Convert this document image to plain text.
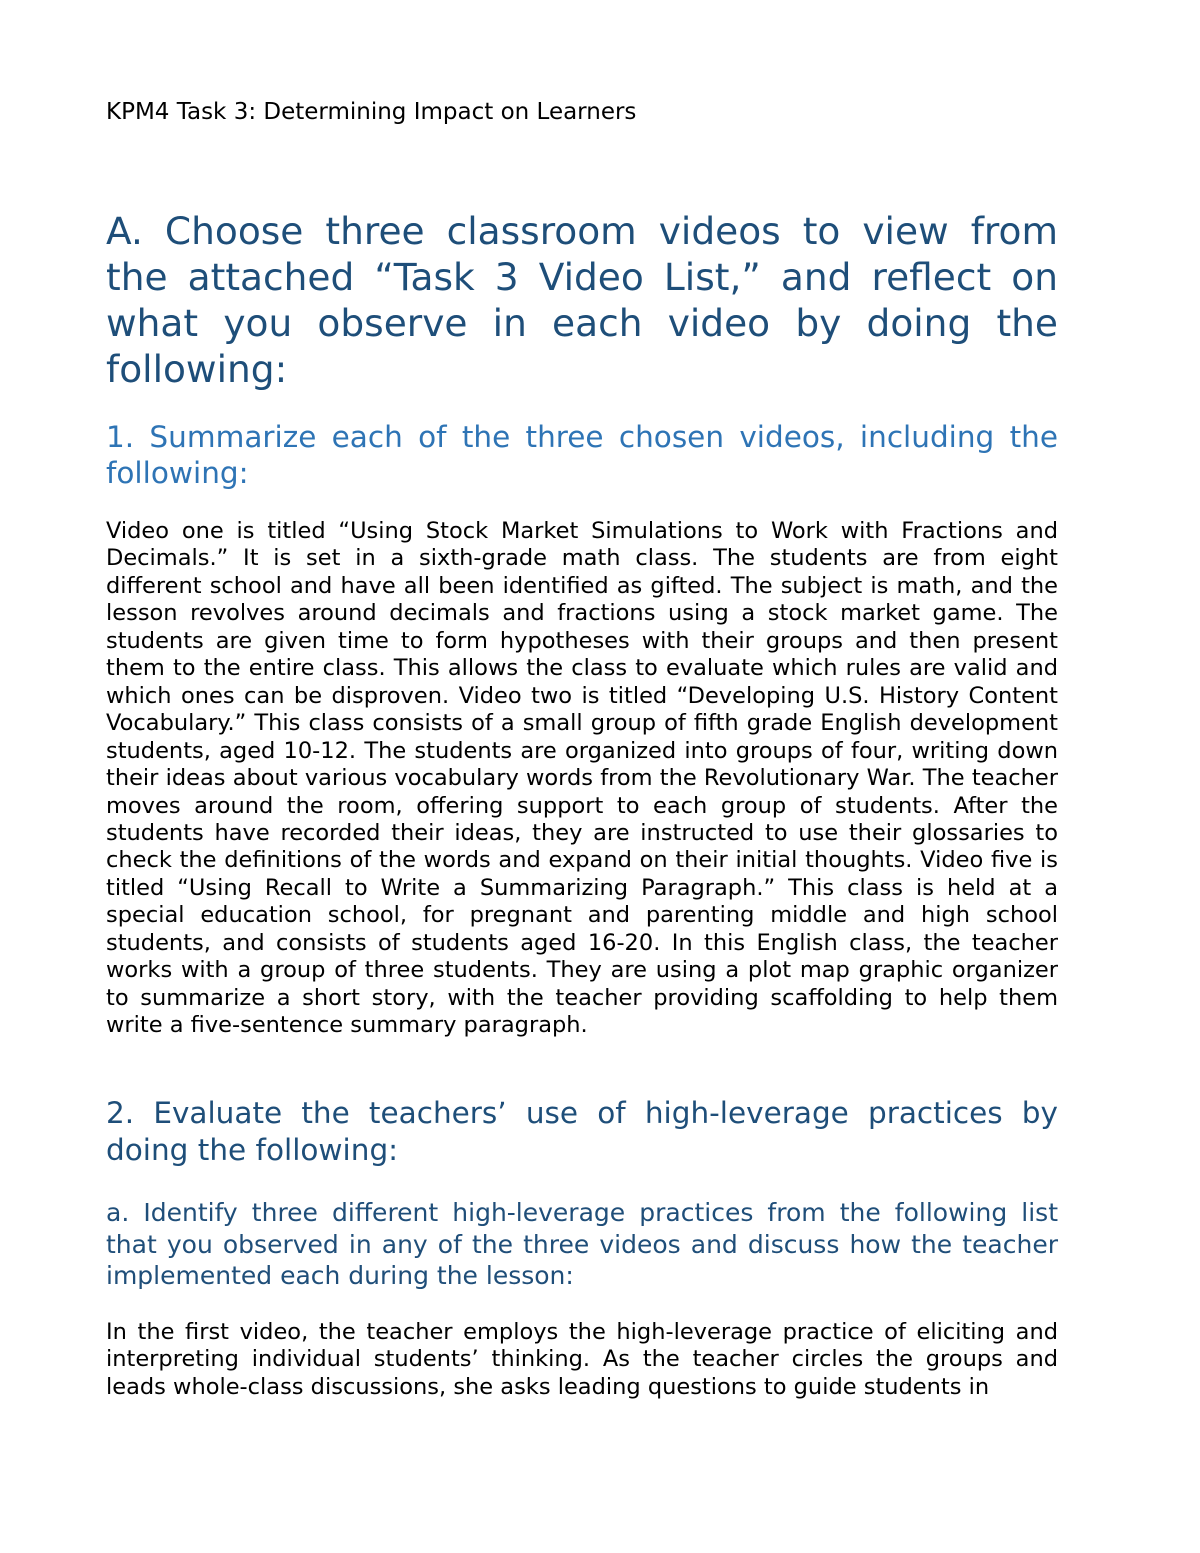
KPM4 Task 3: Determining Impact on Learners

A. Choose three classroom videos to view from the attached “Task 3 Video List,” and reflect on what you observe in each video by doing the following:
1. Summarize each of the three chosen videos, including the following:

Video one is titled “Using Stock Market Simulations to Work with Fractions and Decimals.” It is set in a sixth-grade math class. The students are from eight different school and have all been identified as gifted. The subject is math, and the lesson revolves around decimals and fractions using a stock market game. The students are given time to form hypotheses with their groups and then present them to the entire class. This allows the class to evaluate which rules are valid and which ones can be disproven. Video two is titled “Developing U.S. History Content Vocabulary.” This class consists of a small group of fifth grade English development students, aged 10-12. The students are organized into groups of four, writing down their ideas about various vocabulary words from the Revolutionary War. The teacher moves around the room, offering support to each group of students. After the students have recorded their ideas, they are instructed to use their glossaries to check the definitions of the words and expand on their initial thoughts. Video five is titled “Using Recall to Write a Summarizing Paragraph.” This class is held at a special education school, for pregnant and parenting middle and high school students, and consists of students aged 16-20. In this English class, the teacher works with a group of three students. They are using a plot map graphic organizer to summarize a short story, with the teacher providing scaffolding to help them write a five-sentence summary paragraph.

2. Evaluate the teachers’ use of high-leverage practices by doing the following:
a. Identify three different high-leverage practices from the following list that you observed in any of the three videos and discuss how the teacher implemented each during the lesson:

In the first video, the teacher employs the high-leverage practice of eliciting and interpreting individual students’ thinking. As the teacher circles the groups and leads whole-class discussions, she asks leading questions to guide students in
